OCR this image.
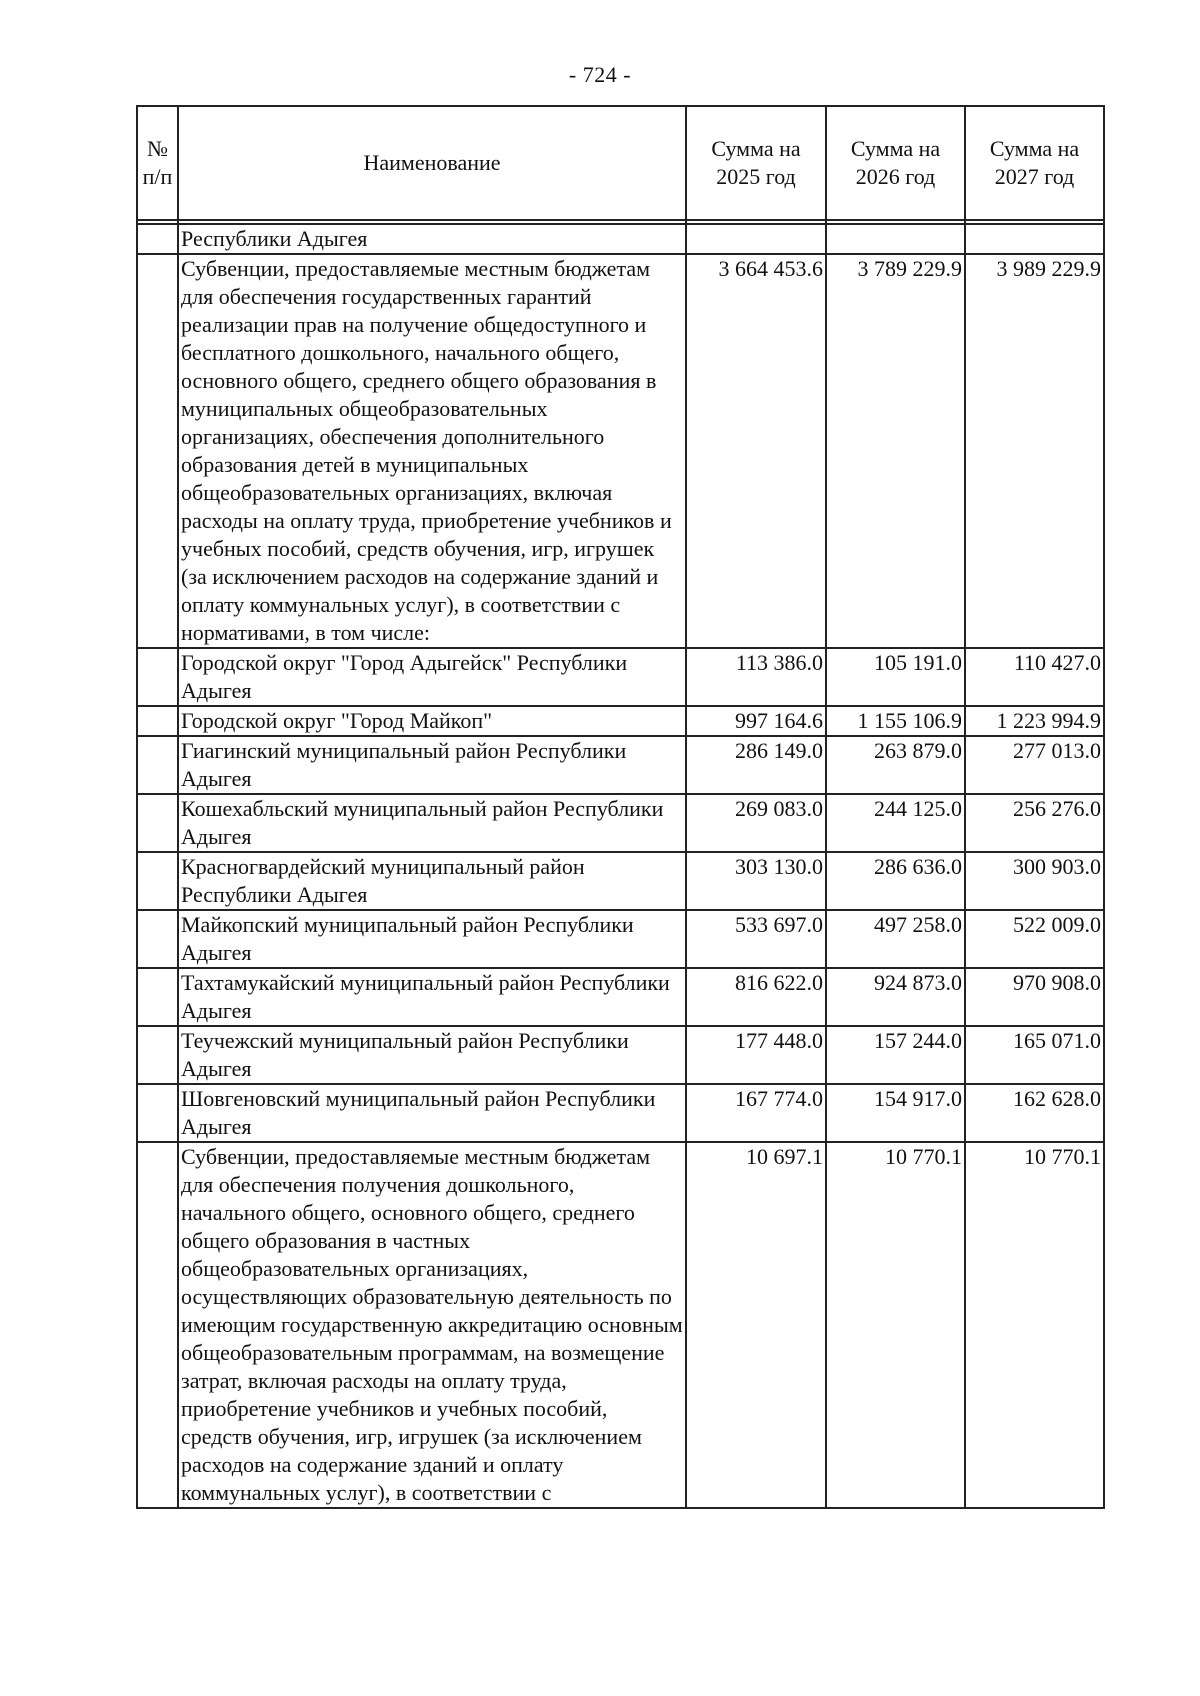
- 724 -
№ п/п	Наименование	Сумма на 2025 год	Сумма на 2026 год	Сумма на 2027 год

	Республики Адыгея			
	Субвенции, предоставляемые местным бюджетам для обеспечения государственных гарантий реализации прав на получение общедоступного и бесплатного дошкольного, начального общего, основного общего, среднего общего образования в муниципальных общеобразовательных организациях, обеспечения дополнительного образования детей в муниципальных общеобразовательных организациях, включая расходы на оплату труда, приобретение учебников и учебных пособий, средств обучения, игр, игрушек (за исключением расходов на содержание зданий и оплату коммунальных услуг), в соответствии с нормативами, в том числе:	3 664 453.6	3 789 229.9	3 989 229.9
	Городской округ "Город Адыгейск" Республики Адыгея	113 386.0	105 191.0	110 427.0
	Городской округ "Город Майкоп"	997 164.6	1 155 106.9	1 223 994.9
	Гиагинский муниципальный район Республики Адыгея	286 149.0	263 879.0	277 013.0
	Кошехабльский муниципальный район Республики Адыгея	269 083.0	244 125.0	256 276.0
	Красногвардейский муниципальный район Республики Адыгея	303 130.0	286 636.0	300 903.0
	Майкопский муниципальный район Республики Адыгея	533 697.0	497 258.0	522 009.0
	Тахтамукайский муниципальный район Республики Адыгея	816 622.0	924 873.0	970 908.0
	Теучежский муниципальный район Республики Адыгея	177 448.0	157 244.0	165 071.0
	Шовгеновский муниципальный район Республики Адыгея	167 774.0	154 917.0	162 628.0
	Субвенции, предоставляемые местным бюджетам для обеспечения получения дошкольного, начального общего, основного общего, среднего общего образования в частных общеобразовательных организациях, осуществляющих образовательную деятельность по имеющим государственную аккредитацию основным общеобразовательным программам, на возмещение затрат, включая расходы на оплату труда, приобретение учебников и учебных пособий, средств обучения, игр, игрушек (за исключением расходов на содержание зданий и оплату коммунальных услуг), в соответствии с	10 697.1	10 770.1	10 770.1
